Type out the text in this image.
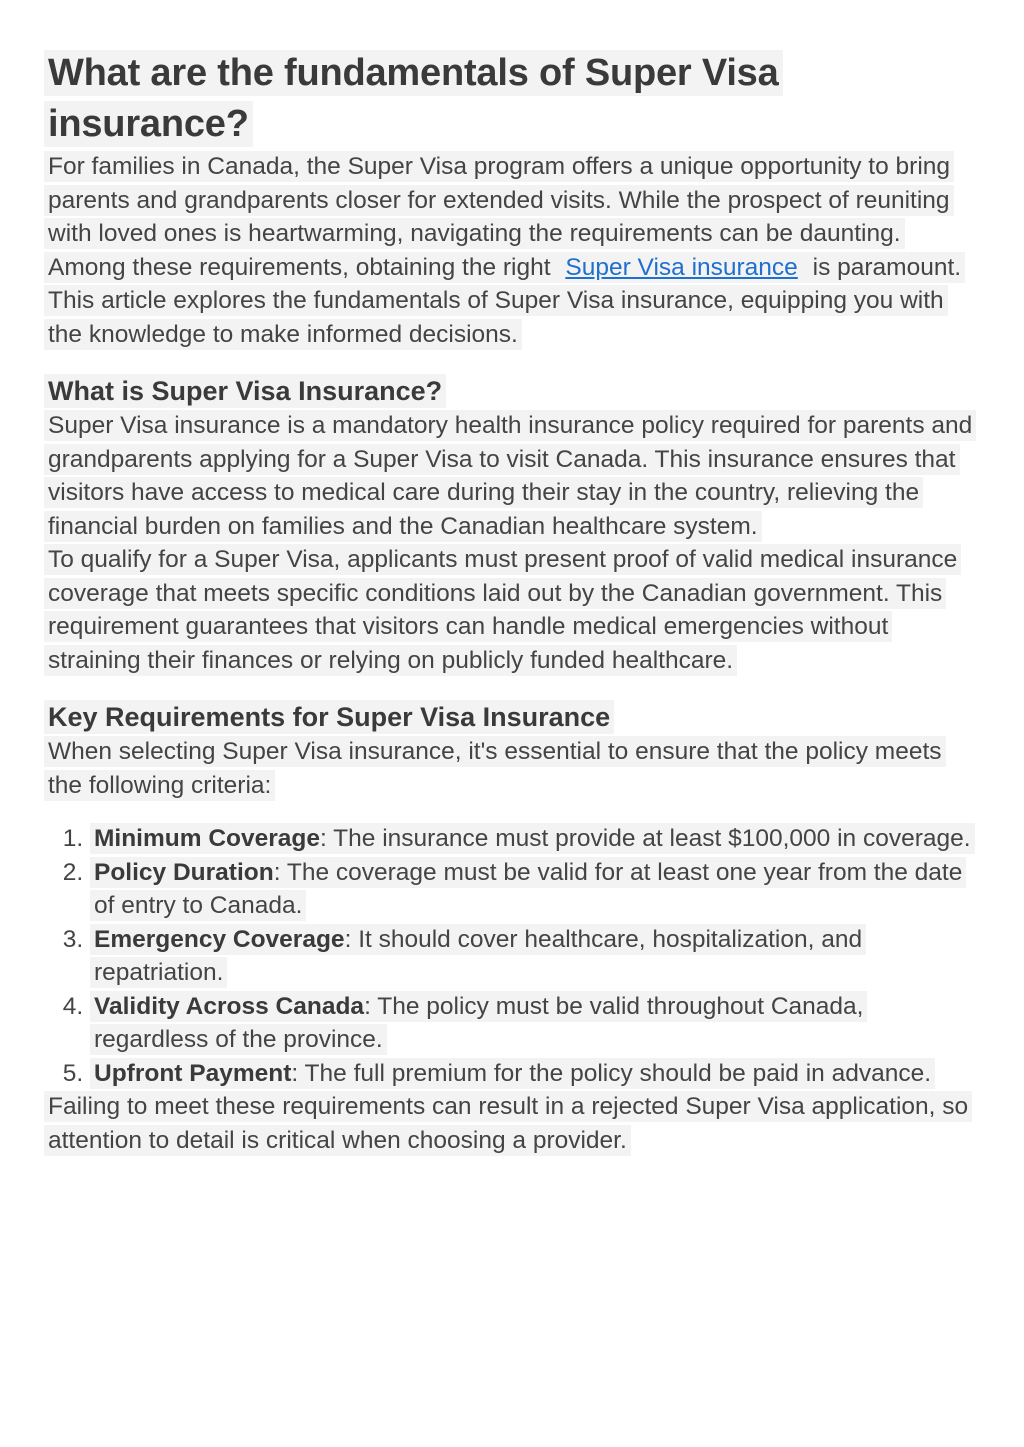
What are the fundamentals of Super Visa insurance?

For families in Canada, the Super Visa program offers a unique opportunity to bring parents and grandparents closer for extended visits. While the prospect of reuniting with loved ones is heartwarming, navigating the requirements can be daunting. Among these requirements, obtaining the right Super Visa insurance is paramount. This article explores the fundamentals of Super Visa insurance, equipping you with the knowledge to make informed decisions.

What is Super Visa Insurance?

Super Visa insurance is a mandatory health insurance policy required for parents and grandparents applying for a Super Visa to visit Canada. This insurance ensures that visitors have access to medical care during their stay in the country, relieving the financial burden on families and the Canadian healthcare system.

To qualify for a Super Visa, applicants must present proof of valid medical insurance coverage that meets specific conditions laid out by the Canadian government. This requirement guarantees that visitors can handle medical emergencies without straining their finances or relying on publicly funded healthcare.

Key Requirements for Super Visa Insurance

When selecting Super Visa insurance, it's essential to ensure that the policy meets the following criteria:

1. Minimum Coverage: The insurance must provide at least $100,000 in coverage.
2. Policy Duration: The coverage must be valid for at least one year from the date of entry to Canada.
3. Emergency Coverage: It should cover healthcare, hospitalization, and repatriation.
4. Validity Across Canada: The policy must be valid throughout Canada, regardless of the province.
5. Upfront Payment: The full premium for the policy should be paid in advance.

Failing to meet these requirements can result in a rejected Super Visa application, so attention to detail is critical when choosing a provider.
